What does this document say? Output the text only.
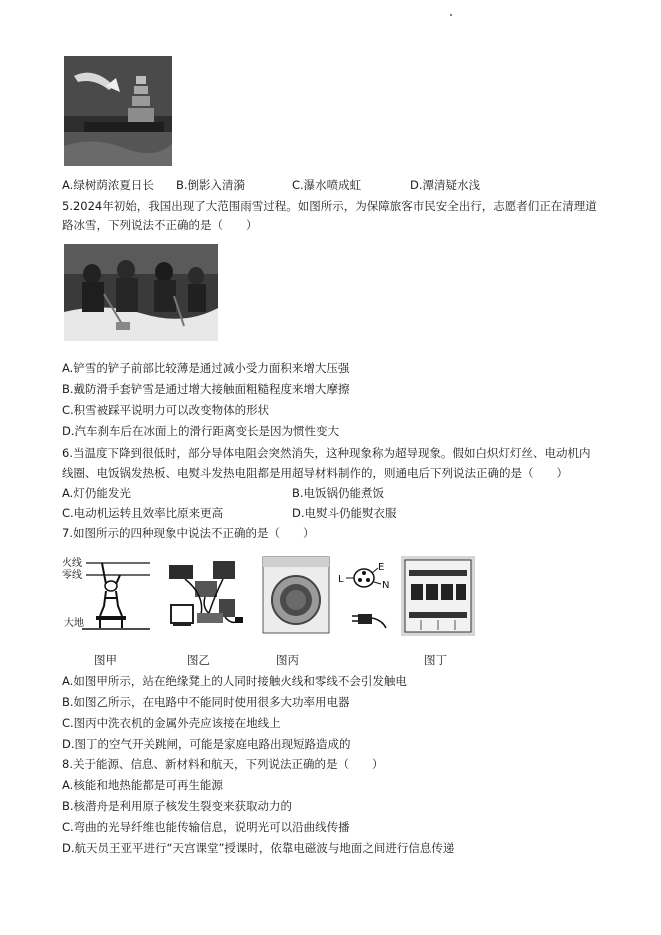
A.绿树荫浓夏日长 B.倒影入清漪	C.瀑水喷成虹	D.潭清疑水浅
5.2024年初始，我国出现了大范围雨雪过程。如图所示，为保障旅客市民安全出行，志愿者们正在清理道
路冰雪，下列说法不正确的是（　　）
A.铲雪的铲子前部比较薄是通过减小受力面积来增大压强
B.戴防滑手套铲雪是通过增大接触面粗糙程度来增大摩擦
C.积雪被踩平说明力可以改变物体的形状
D.汽车刹车后在冰面上的滑行距离变长是因为惯性变大
6.当温度下降到很低时，部分导体电阻会突然消失，这种现象称为超导现象。假如白炽灯灯丝、电动机内
线圈、电饭锅发热板、电熨斗发热电阻都是用超导材料制作的，则通电后下列说法正确的是（　　）
A.灯仍能发光	B.电饭锅仍能煮饭
C.电动机运转且效率比原来更高	D.电熨斗仍能熨衣服
7.如图所示的四种现象中说法不正确的是（　　）
火线
零线
大地
E
L
N
图甲	图乙	图丙	图丁
A.如图甲所示，站在绝缘凳上的人同时接触火线和零线不会引发触电
B.如图乙所示，在电路中不能同时使用很多大功率用电器
C.图丙中洗衣机的金属外壳应该接在地线上
D.图丁的空气开关跳闸，可能是家庭电路出现短路造成的
8.关于能源、信息、新材料和航天，下列说法正确的是（　　）
A.核能和地热能都是可再生能源
B.核潜舟是利用原子核发生裂变来获取动力的
C.弯曲的光导纤维也能传输信息，说明光可以沿曲线传播
D.航天员王亚平进行“天宫课堂”授课时，依靠电磁波与地面之间进行信息传递
